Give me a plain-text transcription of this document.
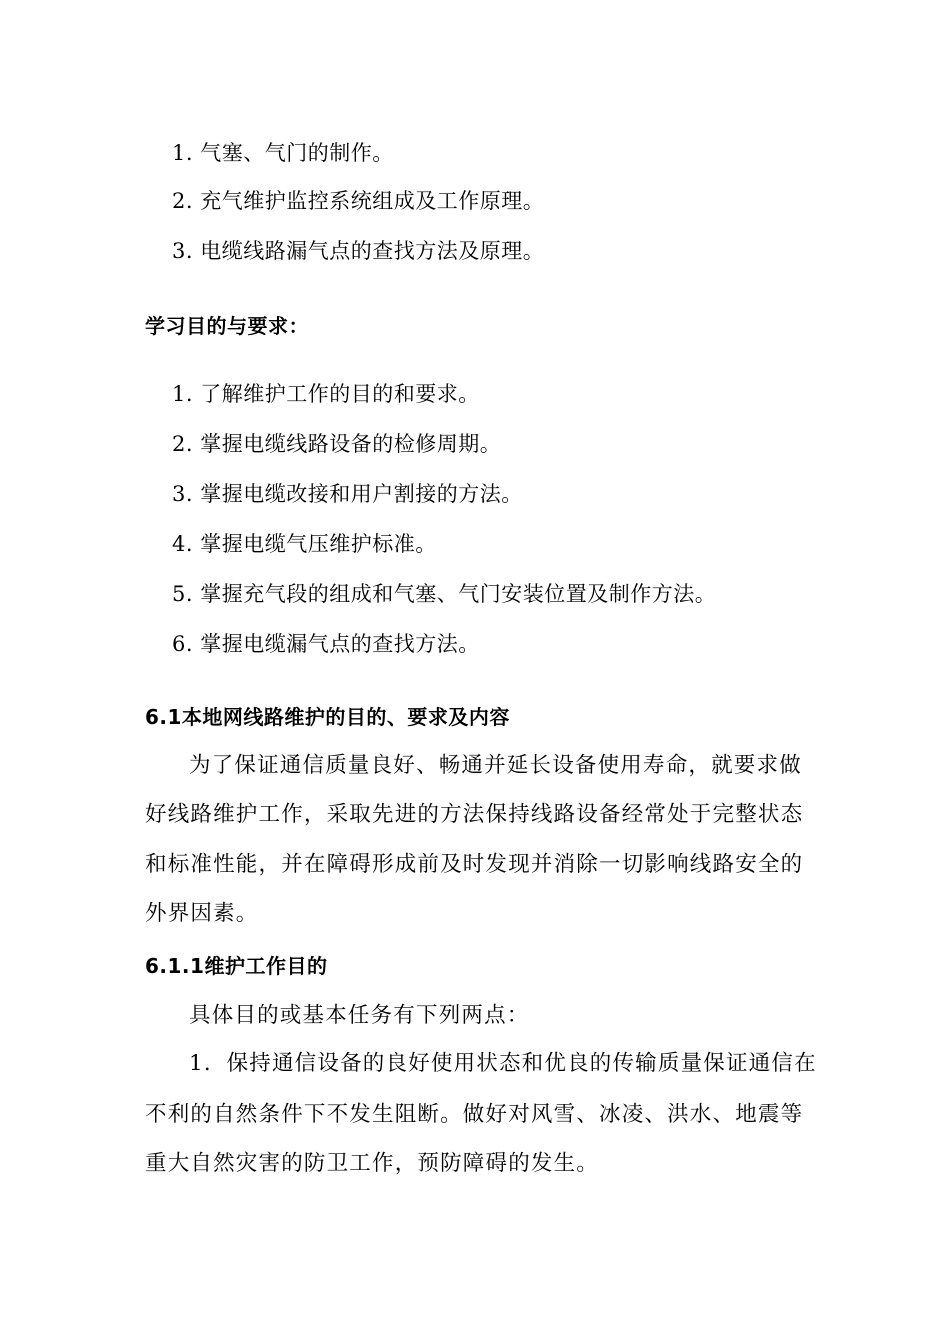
1. 气塞、气门的制作。
2. 充气维护监控系统组成及工作原理。
3. 电缆线路漏气点的查找方法及原理。
学习目的与要求：
1. 了解维护工作的目的和要求。
2. 掌握电缆线路设备的检修周期。
3. 掌握电缆改接和用户割接的方法。
4. 掌握电缆气压维护标准。
5. 掌握充气段的组成和气塞、气门安装位置及制作方法。
6. 掌握电缆漏气点的查找方法。
6.1本地网线路维护的目的、要求及内容
为了保证通信质量良好、畅通并延长设备使用寿命，就要求做
好线路维护工作，采取先进的方法保持线路设备经常处于完整状态
和标准性能，并在障碍形成前及时发现并消除一切影响线路安全的
外界因素。
6.1.1维护工作目的
具体目的或基本任务有下列两点：
1．保持通信设备的良好使用状态和优良的传输质量保证通信在
不利的自然条件下不发生阻断。做好对风雪、冰凌、洪水、地震等
重大自然灾害的防卫工作，预防障碍的发生。
